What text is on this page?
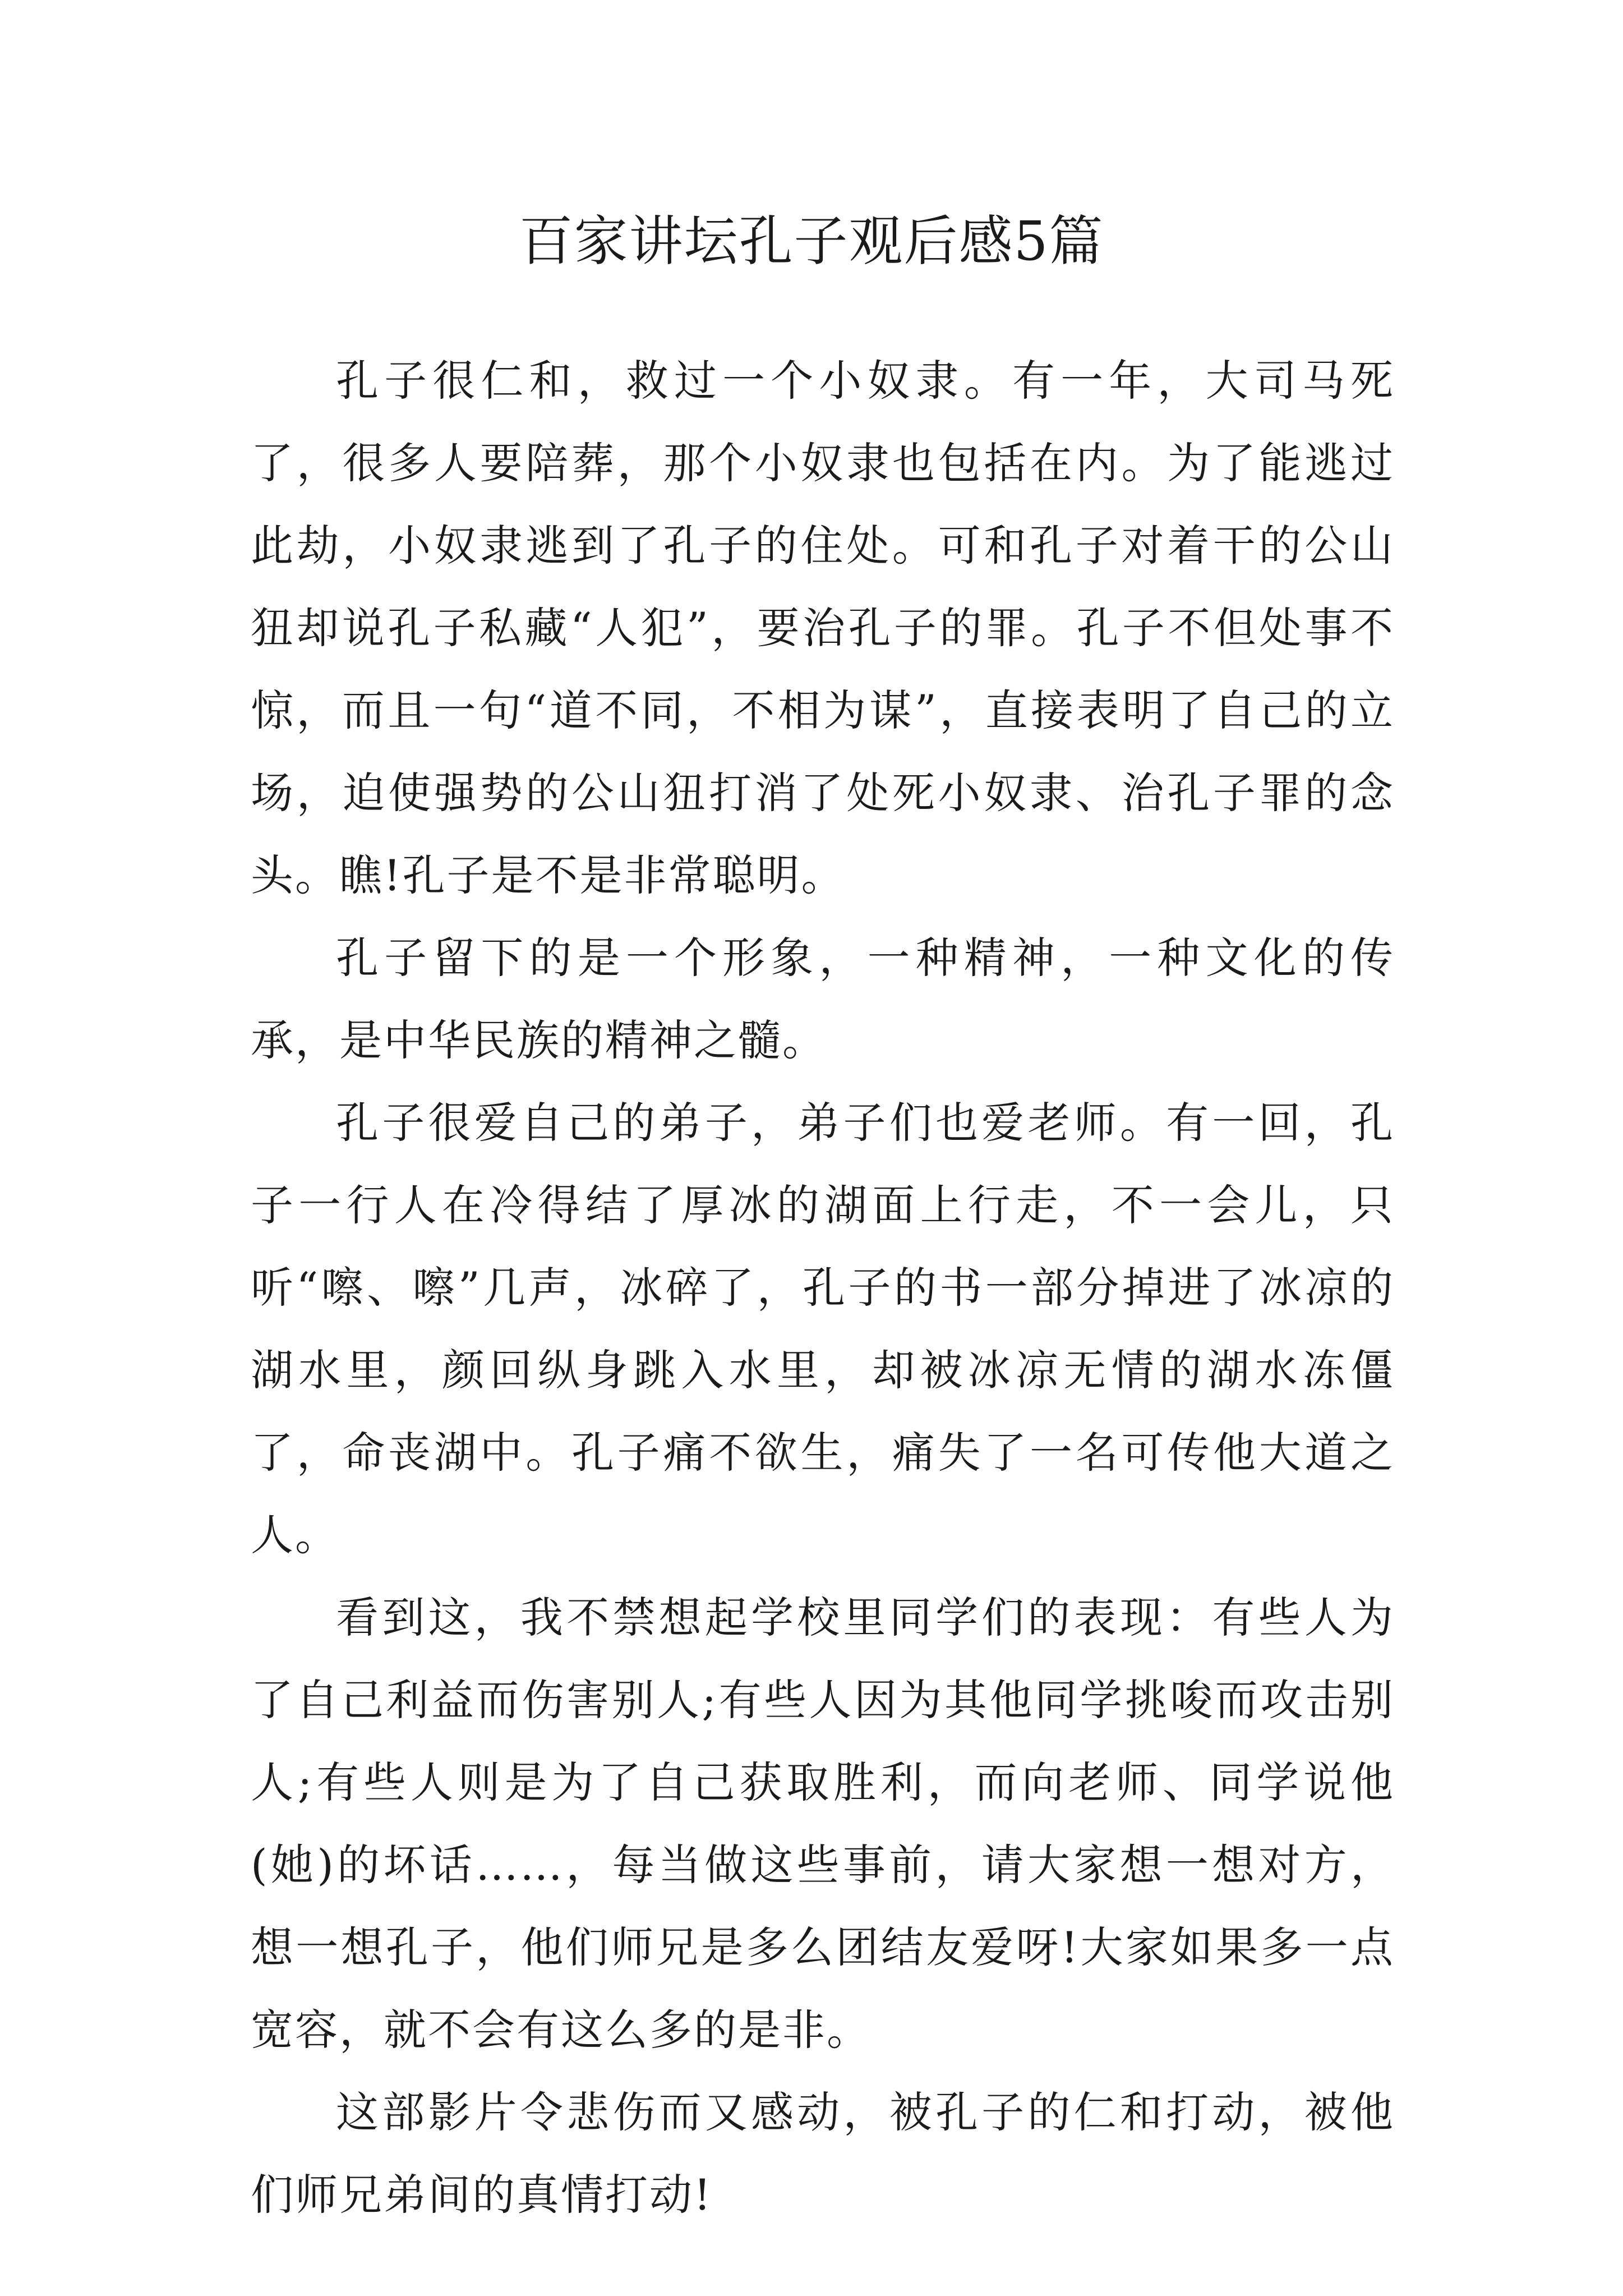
百家讲坛孔子观后感5篇

孔子很仁和，救过一个小奴隶。有一年，大司马死了，很多人要陪葬，那个小奴隶也包括在内。为了能逃过此劫，小奴隶逃到了孔子的住处。可和孔子对着干的公山狃却说孔子私藏“人犯”，要治孔子的罪。孔子不但处事不惊，而且一句“道不同，不相为谋”，直接表明了自己的立场，迫使强势的公山狃打消了处死小奴隶、治孔子罪的念头。瞧!孔子是不是非常聪明。

孔子留下的是一个形象，一种精神，一种文化的传承，是中华民族的精神之髓。

孔子很爱自己的弟子，弟子们也爱老师。有一回，孔子一行人在冷得结了厚冰的湖面上行走，不一会儿，只听“嚓、嚓”几声，冰碎了，孔子的书一部分掉进了冰凉的湖水里，颜回纵身跳入水里，却被冰凉无情的湖水冻僵了，命丧湖中。孔子痛不欲生，痛失了一名可传他大道之人。

看到这，我不禁想起学校里同学们的表现：有些人为了自己利益而伤害别人;有些人因为其他同学挑唆而攻击别人;有些人则是为了自己获取胜利，而向老师、同学说他(她)的坏话……，每当做这些事前，请大家想一想对方，想一想孔子，他们师兄是多么团结友爱呀!大家如果多一点宽容，就不会有这么多的是非。

这部影片令悲伤而又感动，被孔子的仁和打动，被他们师兄弟间的真情打动!
